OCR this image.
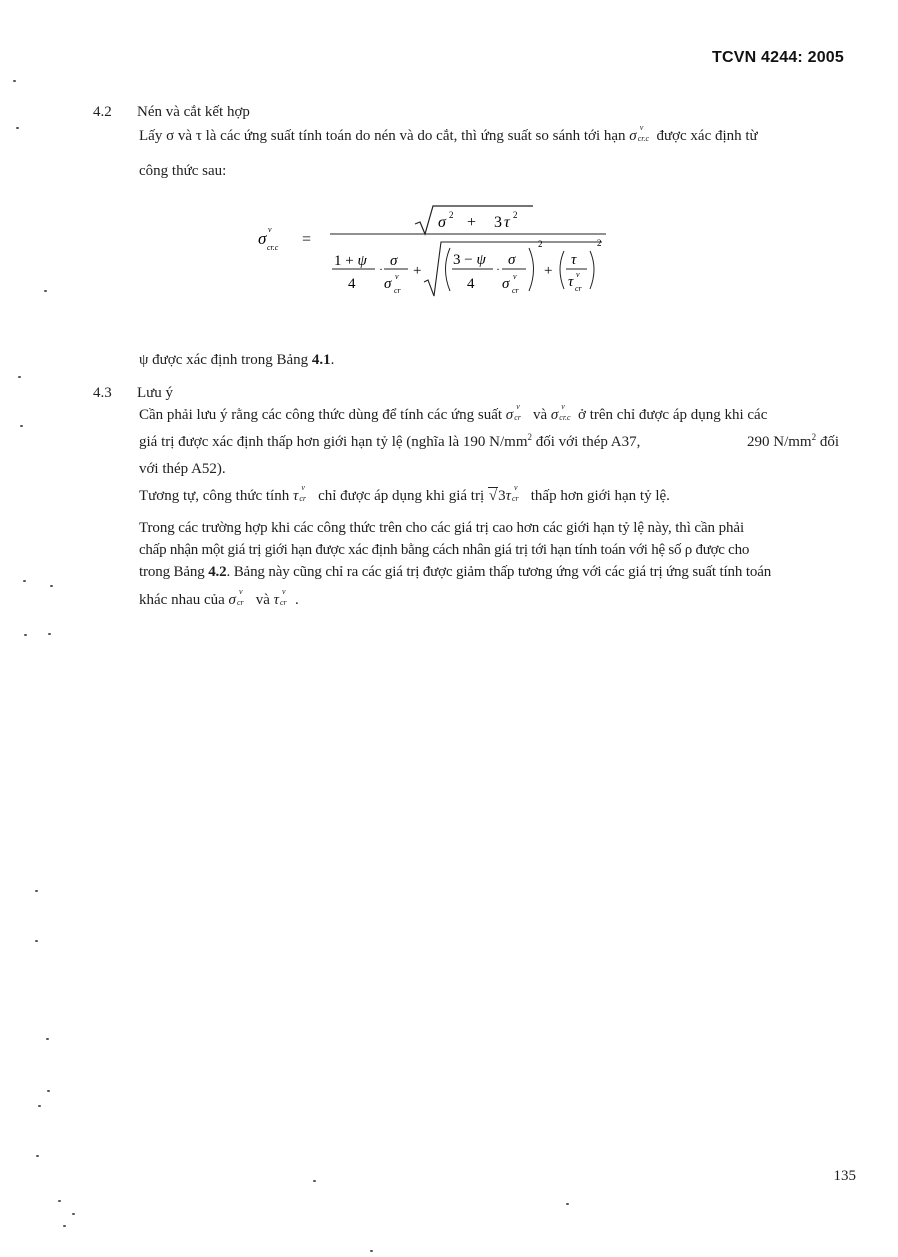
TCVN 4244: 2005
4.2 Nén và cắt kết hợp
Lấy σ và τ là các ứng suất tính toán do nén và do cắt, thì ứng suất so sánh tới hạn σ
v
cr.c được xác định từ
công thức sau:
σ v
cr.c =
σ 2 + 3 τ 2
1 + ψ
4
· σ
σ v
cr
+
3 − ψ
4
·
σ
σ v
cr
2
+
τ
τ v
cr
2
ψ được xác định trong Bảng 4.1.
4.3 Lưu ý
Cần phải lưu ý rằng các công thức dùng để tính các ứng suất σ
v
cr và σ
v
cr.c ở trên chỉ được áp dụng khi các
giá trị được xác định thấp hơn giới hạn tỷ lệ (nghĩa là 190 $N/mm^2$ đối với thép A37,	290 $N/mm^2$ đối
với thép A52).
Tương tự, công thức tính τ
v
cr chỉ được áp dụng khi giá trị √3τ
v
cr thấp hơn giới hạn tỷ lệ.
Trong các trường hợp khi các công thức trên cho các giá trị cao hơn các giới hạn tỷ lệ này, thì cần phải
chấp nhận một giá trị giới hạn được xác định bằng cách nhân giá trị tới hạn tính toán với hệ số ρ được cho
trong Bảng 4.2. Bảng này cũng chỉ ra các giá trị được giảm thấp tương ứng với các giá trị ứng suất tính toán
khác nhau của σ
v
cr và τ
v
cr .
135
